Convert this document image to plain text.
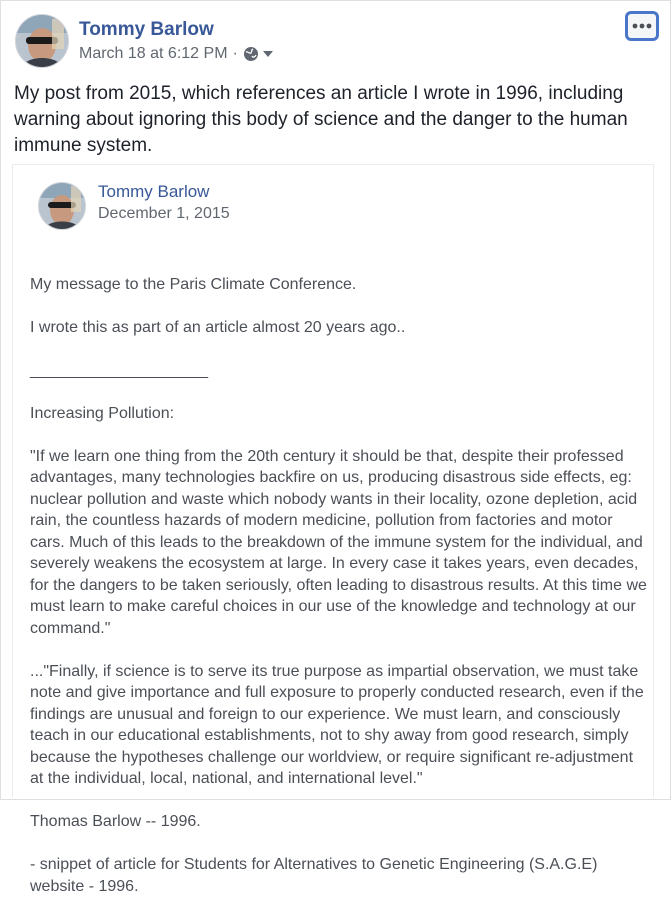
Tommy Barlow
March 18 at 6:12 PM ·
My post from 2015, which references an article I wrote in 1996, including warning about ignoring this body of science and the danger to the human immune system.
Tommy Barlow
December 1, 2015

My message to the Paris Climate Conference.

I wrote this as part of an article almost 20 years ago..

____________________

Increasing Pollution:

"If we learn one thing from the 20th century it should be that, despite their professed advantages, many technologies backfire on us, producing disastrous side effects, eg: nuclear pollution and waste which nobody wants in their locality, ozone depletion, acid rain, the countless hazards of modern medicine, pollution from factories and motor cars. Much of this leads to the breakdown of the immune system for the individual, and severely weakens the ecosystem at large. In every case it takes years, even decades, for the dangers to be taken seriously, often leading to disastrous results. At this time we must learn to make careful choices in our use of the knowledge and technology at our command."

..."Finally, if science is to serve its true purpose as impartial observation, we must take note and give importance and full exposure to properly conducted research, even if the findings are unusual and foreign to our experience. We must learn, and consciously teach in our educational establishments, not to shy away from good research, simply because the hypotheses challenge our worldview, or require significant re-adjustment at the individual, local, national, and international level."

Thomas Barlow -- 1996.

- snippet of article for Students for Alternatives to Genetic Engineering (S.A.G.E) website - 1996.
